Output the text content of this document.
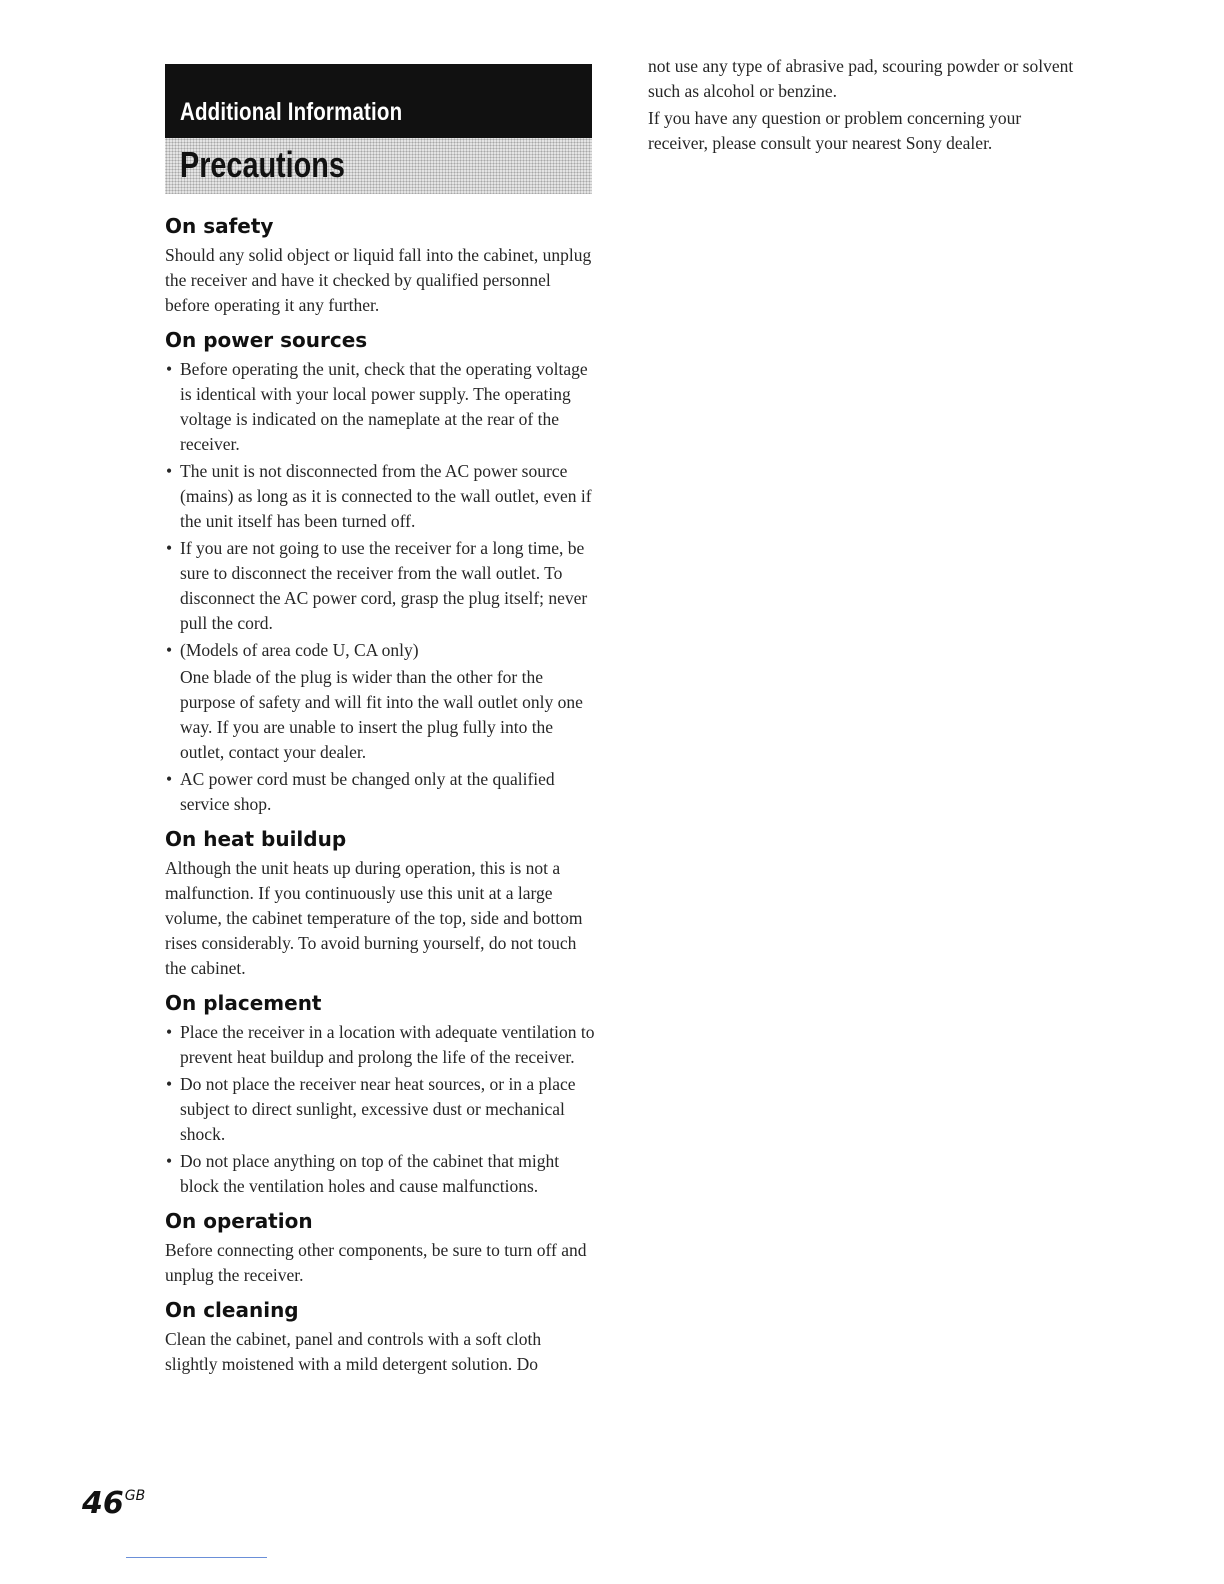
Additional Information
Precautions
On safety

Should any solid object or liquid fall into the cabinet, unplug the receiver and have it checked by qualified personnel before operating it any further.

On power sources
• Before operating the unit, check that the operating voltage is identical with your local power supply. The operating voltage is indicated on the nameplate at the rear of the receiver.
• The unit is not disconnected from the AC power source (mains) as long as it is connected to the wall outlet, even if the unit itself has been turned off.
• If you are not going to use the receiver for a long time, be sure to disconnect the receiver from the wall outlet. To disconnect the AC power cord, grasp the plug itself; never pull the cord.
• (Models of area code U, CA only)
One blade of the plug is wider than the other for the purpose of safety and will fit into the wall outlet only one way. If you are unable to insert the plug fully into the outlet, contact your dealer.
• AC power cord must be changed only at the qualified service shop.
On heat buildup

Although the unit heats up during operation, this is not a malfunction. If you continuously use this unit at a large volume, the cabinet temperature of the top, side and bottom rises considerably. To avoid burning yourself, do not touch the cabinet.

On placement
• Place the receiver in a location with adequate ventilation to prevent heat buildup and prolong the life of the receiver.
• Do not place the receiver near heat sources, or in a place subject to direct sunlight, excessive dust or mechanical shock.
• Do not place anything on top of the cabinet that might block the ventilation holes and cause malfunctions.
On operation

Before connecting other components, be sure to turn off and unplug the receiver.

On cleaning

Clean the cabinet, panel and controls with a soft cloth slightly moistened with a mild detergent solution. Do

not use any type of abrasive pad, scouring powder or solvent such as alcohol or benzine.

If you have any question or problem concerning your receiver, please consult your nearest Sony dealer.

$46^{GB}$
